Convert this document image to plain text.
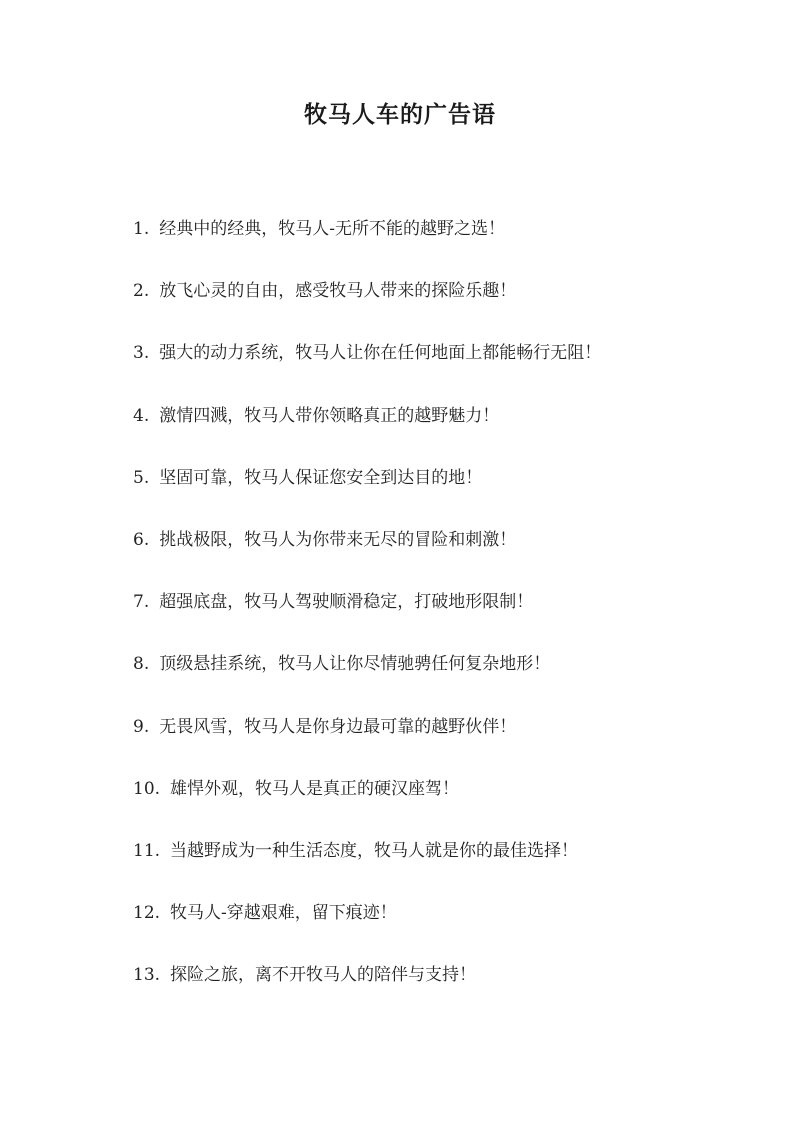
牧马人车的广告语
1. 经典中的经典，牧马人-无所不能的越野之选！
2. 放飞心灵的自由，感受牧马人带来的探险乐趣！
3. 强大的动力系统，牧马人让你在任何地面上都能畅行无阻！
4. 激情四溅，牧马人带你领略真正的越野魅力！
5. 坚固可靠，牧马人保证您安全到达目的地！
6. 挑战极限，牧马人为你带来无尽的冒险和刺激！
7. 超强底盘，牧马人驾驶顺滑稳定，打破地形限制！
8. 顶级悬挂系统，牧马人让你尽情驰骋任何复杂地形！
9. 无畏风雪，牧马人是你身边最可靠的越野伙伴！
10. 雄悍外观，牧马人是真正的硬汉座驾！
11. 当越野成为一种生活态度，牧马人就是你的最佳选择！
12. 牧马人-穿越艰难，留下痕迹！
13. 探险之旅，离不开牧马人的陪伴与支持！
